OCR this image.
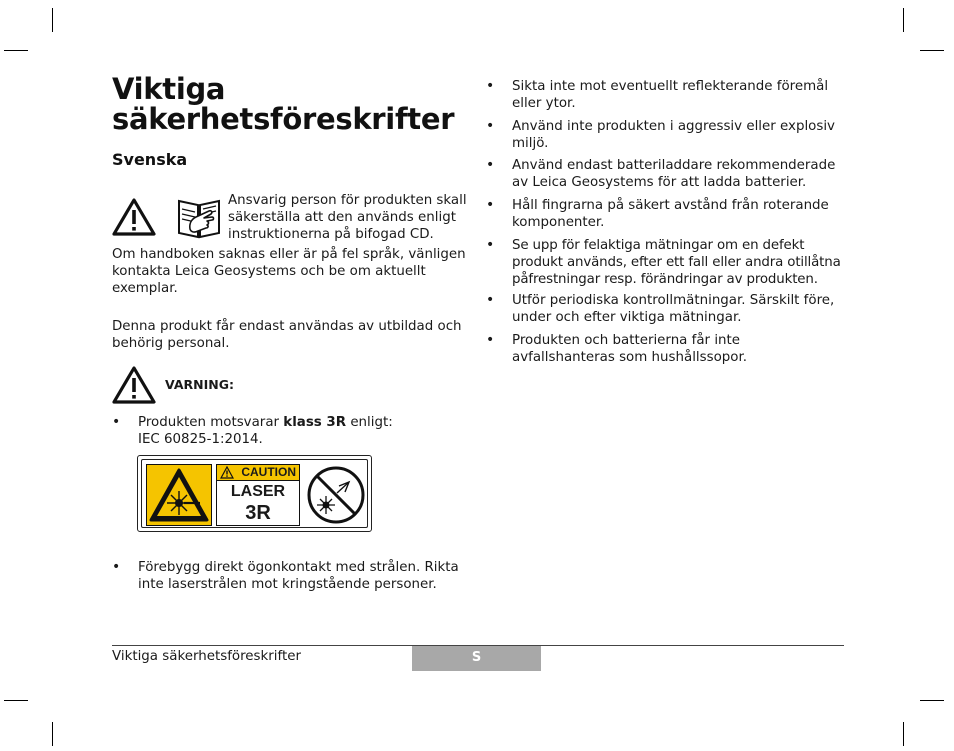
Viktiga
säkerhetsföreskrifter
Svenska

Ansvarig person för produkten skall
säkerställa att den används enligt
instruktionerna på bifogad CD.

Om handboken saknas eller är på fel språk, vänligen
kontakta Leica Geosystems och be om aktuellt
exemplar.

Denna produkt får endast användas av utbildad och
behörig personal.

VARNING:

• Produkten motsvarar klass 3R enligt:
IEC 60825-1:2014.
CAUTION
LASER
3R
• Förebygg direkt ögonkontakt med strålen. Rikta
inte laserstrålen mot kringstående personer.
• Sikta inte mot eventuellt reflekterande föremål
eller ytor.
• Använd inte produkten i aggressiv eller explosiv
miljö.
• Använd endast batteriladdare rekommenderade
av Leica Geosystems för att ladda batterier.
• Håll fingrarna på säkert avstånd från roterande
komponenter.
• Se upp för felaktiga mätningar om en defekt
produkt används, efter ett fall eller andra otillåtna
påfrestningar resp. förändringar av produkten.
• Utför periodiska kontrollmätningar. Särskilt före,
under och efter viktiga mätningar.
• Produkten och batterierna får inte
avfallshanteras som hushållssopor.
Viktiga säkerhetsföreskrifter	S
